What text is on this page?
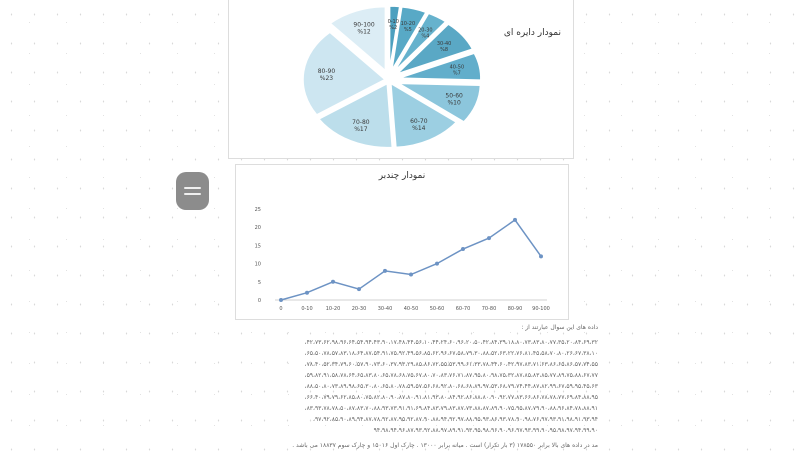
نمودار دایره ای
0-10
%2
10-20
%5 20-30
%4
30-40
%8
40-50
%7
50-60
%10
60-70
%14
70-80
%17
80-90
%23
90-100
%12
نمودار چندبر
0
5
10
15
20
25
0	0-10	10-20 20-30 30-40 40-50 50-60 60-70 70-80 80-90 90-100

داده های این سوال عبارتند از :

۴۲،۷۳،۶۲،۹۸،۹۶،۶۴،۵۴،۹۴،۴۳،۹۰،۱۷،۴۸،۴۴،۵۶،۱۰،۴۴،۲۴،۶۰،۹۶،۲۰،۵۰،۴۲،۸۴،۳۹،۱۸،۸۰،۷۳،۸۳،۸۰،۷۷،۳۵،۲۰،۸۴،۶۹،۳۲،

۶۵،۵۰،۷۸،۵۷،۸۳،۱۸،۶۴،۸۷،۵۴،۹۱،۷۵،۹۲،۴۹،۵۶،۸۵،۶۲،۹۶،۶۷،۵۸،۷۹،۳۰،۸۸،۵۲،۶۳،۲۲،۷۶،۸۱،۴۵،۵۸،۷۰،۸۰،۲۶،۶۷،۳۸،۱۰،

۷۸،۴۰،۵۲،۳۴،۷۹،۶۰،۵۷،۹۰،۷۳،۶۰،۳۷،۹۳،۲۹،۸۵،۸۶،۷۲،۵۵،۵۳،۹۹،۶۱،۳۳،۷۸،۴۴،۶۰،۴۲،۹۷،۸۳،۷۱،۶۳،۸۶،۶۵،۸۶،۵۷،۷۴،۵۵،

۵۹،۸۲،۹۱،۵۸،۷۸،۶۴،۶۵،۸۳،۸۰،۶۵،۷۸،۶۸،۷۵،۶۷،۸۰،۷۰،۸۳،۷۶،۷۱،۸۷،۹۵،۸۰،۹۸،۷۵،۳۲،۸۷،۸۵،۸۳،۸۵،۷۷،۸۹،۷۵،۸۸،۶۷،۷۷،

۸۸،۵۰،۸۰،۷۳،۸۹،۹۸،۶۵،۳۰،۸۰،۶۵،۸۰،۷۸،۵۹،۵۷،۵۶،۶۸،۹۲،۸۰،۶۸،۶۸،۸۹،۹۷،۵۳،۶۸،۷۹،۷۴،۴۴،۸۷،۸۲،۹۹،۶۷،۵۹،۹۵،۴۵،۶۳،

۶۶،۴۰،۷۹،۷۹،۶۲،۸۵،۸۰،۷۵،۸۲،۸۰،۹۰،۸۷،۸۰،۹۱،۸۱،۹۳،۸۰،۸۴،۹۲،۸۶،۸۸،۸۰،۹۰،۹۲،۷۷،۸۳،۶۶،۸۶،۷۸،۷۸،۷۷،۶۹،۸۴،۸۸،۹۵،

۸۳،۹۳،۷۸،۷۸،۵۰،۸۷،۸۳،۷۰،۸۸،۹۳،۷۳،۹۱،۹۱،۶۹،۸۴،۸۳،۷۹،۸۳،۸۷،۷۳،۸۸،۸۷،۸۹،۹۰،۷۵،۹۵،۸۷،۷۹،۹۰،۸۸،۹۶،۸۴،۷۸،۸۸،۹۱،

۹۷،۹۲،۸۵،۹۰،۸۹،۹۴،۸۷،۷۸،۹۲،۸۷،۹۵،۹۲،۸۷،۹۰،۸۸،۹۴،۹۲،۹۷،۸۸،۹۵،۹۳،۸۶،۹۳،۷۸،۹۰،۹۸،۷۶،۹۷،۹۳،۹۱،۹۸،۹۱،۹۳،۹۴،

۹۴،۹۸،۹۴،۹۶،۸۷،۹۳،۹۲،۸۸،۹۷،۸۹،۹۱،۹۳،۹۵،۹۸،۹۶،۹۰،۹۶،۹۷،۹۳،۹۹،۹۰،۹۵،۹۸،۹۷،۹۴،۹۹،۹۰

مد در داده های بالا برابر ۱۷۸۵۵۰ (۳ بار تکرار) است . میانه برابر ۱۳۰۰۰ . چارک اول ۱۵۰۱۶ و چارک سوم ۱۸۸۳۷ می باشد .
